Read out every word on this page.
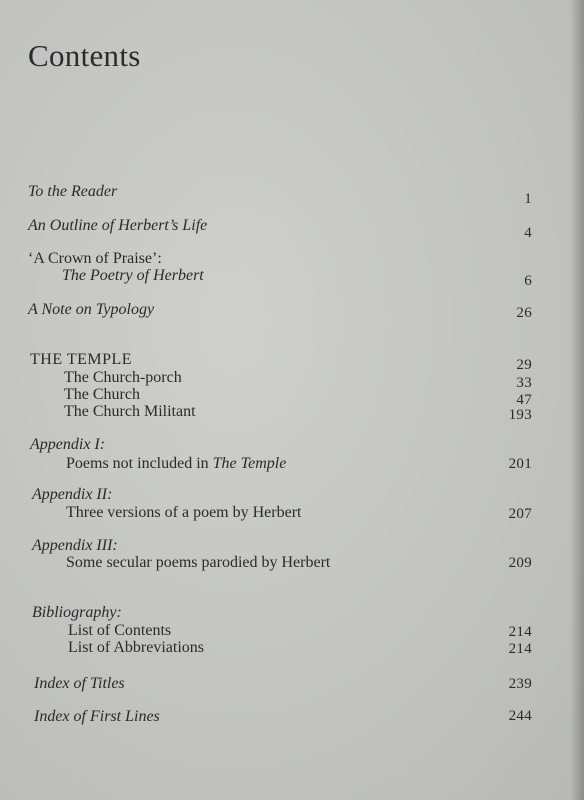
Contents
To the Reader	1
An Outline of Herbert’s Life	4
‘A Crown of Praise’:
The Poetry of Herbert	6
A Note on Typology	26
THE TEMPLE	29
The Church-porch	33
The Church	47
The Church Militant	193
Appendix I:
Poems not included in The Temple	201
Appendix II:
Three versions of a poem by Herbert	207
Appendix III:
Some secular poems parodied by Herbert	209
Bibliography:
List of Contents	214
List of Abbreviations	214
Index of Titles	239
Index of First Lines	244
